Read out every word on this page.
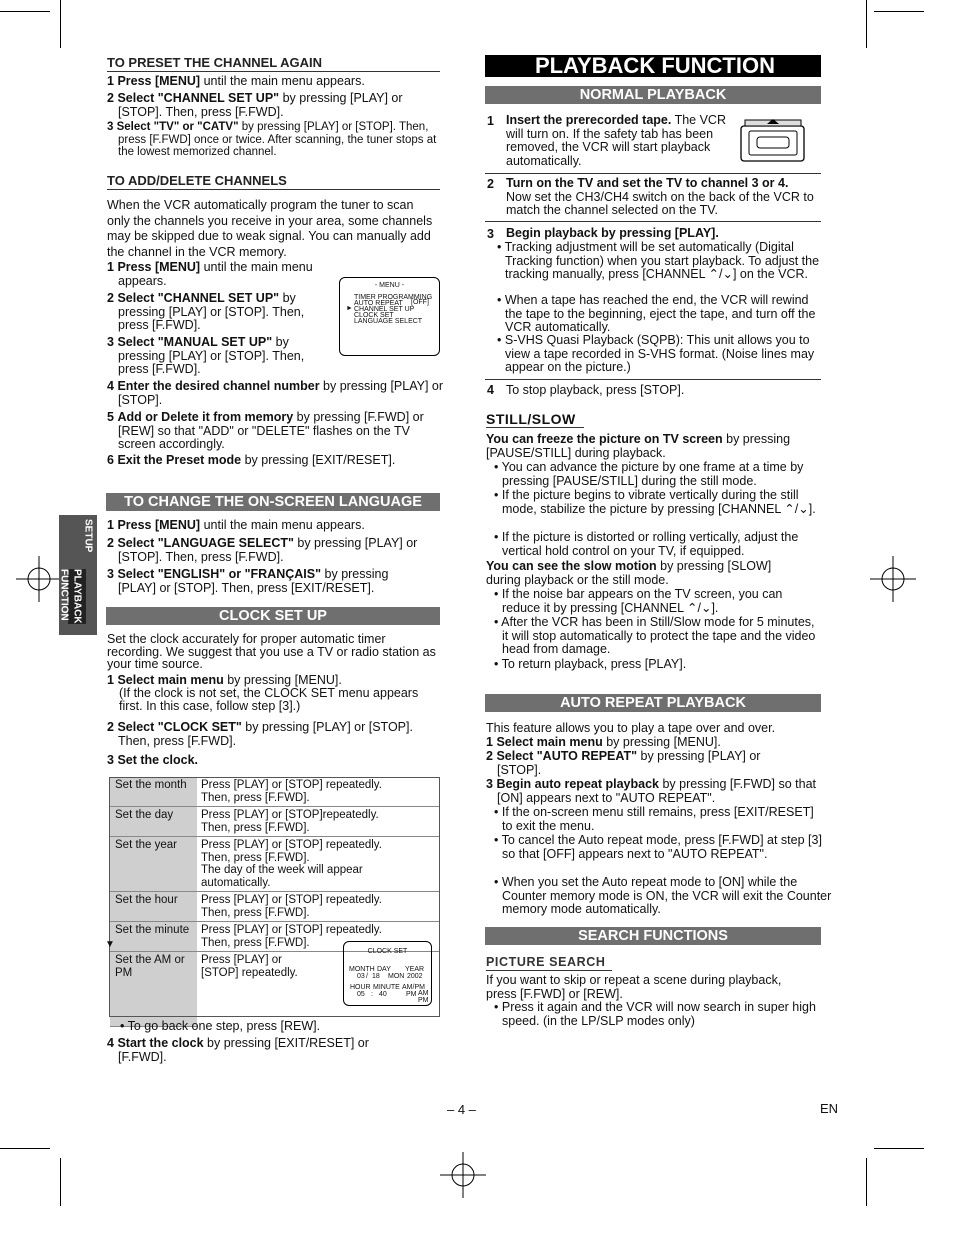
SETUP
PLAYBACK
FUNCTION
TO PRESET THE CHANNEL AGAIN
1 Press [MENU] until the main menu appears.
2 Select "CHANNEL SET UP" by pressing [PLAY] or [STOP]. Then, press [F.FWD].
3 Select "TV" or "CATV" by pressing [PLAY] or [STOP]. Then, press [F.FWD] once or twice. After scanning, the tuner stops at the lowest memorized channel.
TO ADD/DELETE CHANNELS
When the VCR automatically program the tuner to scan only the channels you receive in your area, some channels may be skipped due to weak signal. You can manually add the channel in the VCR memory.
1 Press [MENU] until the main menu appears.
2 Select "CHANNEL SET UP" by pressing [PLAY] or [STOP]. Then, press [F.FWD].
3 Select "MANUAL SET UP" by pressing [PLAY] or [STOP]. Then, press [F.FWD].
4 Enter the desired channel number by pressing [PLAY] or [STOP].
5 Add or Delete it from memory by pressing [F.FWD] or [REW] so that "ADD" or "DELETE" flashes on the TV screen accordingly.
6 Exit the Preset mode by pressing [EXIT/RESET].
- MENU -
TIMER PROGRAMMING
AUTO REPEAT [OFF]
► CHANNEL SET UP
CLOCK SET
LANGUAGE SELECT
TO CHANGE THE ON-SCREEN LANGUAGE
1 Press [MENU] until the main menu appears.
2 Select "LANGUAGE SELECT" by pressing [PLAY] or [STOP]. Then, press [F.FWD].
3 Select "ENGLISH" or "FRANÇAIS" by pressing [PLAY] or [STOP]. Then, press [EXIT/RESET].
CLOCK SET UP
Set the clock accurately for proper automatic timer recording. We suggest that you use a TV or radio station as your time source.
1 Select main menu by pressing [MENU].
(If the clock is not set, the CLOCK SET menu appears first. In this case, follow step [3].)
2 Select "CLOCK SET" by pressing [PLAY] or [STOP]. Then, press [F.FWD].
3 Set the clock.
Set the month	Press [PLAY] or [STOP] repeatedly.
Then, press [F.FWD].

Set the day	Press [PLAY] or [STOP]repeatedly.
Then, press [F.FWD].

Set the year	Press [PLAY] or [STOP] repeatedly.
Then, press [F.FWD].
The day of the week will appear automatically.

Set the hour	Press [PLAY] or [STOP] repeatedly.
Then, press [F.FWD].

Set the minute	Press [PLAY] or [STOP] repeatedly.
Then, press [F.FWD].

Set the AM or PM	Press [PLAY] or [STOP] repeatedly.
▼
CLOCK SET
MONTH DAY YEAR
03 / 18 MON 2002
HOUR MINUTE AM/PM
05 : 40	PM AM
PM
• To go back one step, press [REW].
4 Start the clock by pressing [EXIT/RESET] or [F.FWD].
PLAYBACK FUNCTION
NORMAL PLAYBACK
1 Insert the prerecorded tape. The VCR will turn on. If the safety tab has been removed, the VCR will start playback automatically.
2 Turn on the TV and set the TV to channel 3 or 4.
Now set the CH3/CH4 switch on the back of the VCR to match the channel selected on the TV.
3 Begin playback by pressing [PLAY].
• Tracking adjustment will be set automatically (Digital Tracking function) when you start playback. To adjust the tracking manually, press [CHANNEL ⌃/⌄] on the VCR.
• When a tape has reached the end, the VCR will rewind the tape to the beginning, eject the tape, and turn off the VCR automatically.
• S-VHS Quasi Playback (SQPB): This unit allows you to view a tape recorded in S-VHS format. (Noise lines may appear on the picture.)
4 To stop playback, press [STOP].
STILL/SLOW
You can freeze the picture on TV screen by pressing [PAUSE/STILL] during playback.
• You can advance the picture by one frame at a time by pressing [PAUSE/STILL] during the still mode.
• If the picture begins to vibrate vertically during the still mode, stabilize the picture by pressing [CHANNEL ⌃/⌄].
• If the picture is distorted or rolling vertically, adjust the vertical hold control on your TV, if equipped.
You can see the slow motion by pressing [SLOW] during playback or the still mode.
• If the noise bar appears on the TV screen, you can reduce it by pressing [CHANNEL ⌃/⌄].
• After the VCR has been in Still/Slow mode for 5 minutes, it will stop automatically to protect the tape and the video head from damage.
• To return playback, press [PLAY].
AUTO REPEAT PLAYBACK
This feature allows you to play a tape over and over.
1 Select main menu by pressing [MENU].
2 Select "AUTO REPEAT" by pressing [PLAY] or [STOP].
3 Begin auto repeat playback by pressing [F.FWD] so that [ON] appears next to "AUTO REPEAT".
• If the on-screen menu still remains, press [EXIT/RESET] to exit the menu.
• To cancel the Auto repeat mode, press [F.FWD] at step [3] so that [OFF] appears next to "AUTO REPEAT".
• When you set the Auto repeat mode to [ON] while the Counter memory mode is ON, the VCR will exit the Counter memory mode automatically.
SEARCH FUNCTIONS
PICTURE SEARCH
If you want to skip or repeat a scene during playback, press [F.FWD] or [REW].
• Press it again and the VCR will now search in super high speed. (in the LP/SLP modes only)
– 4 –	EN
